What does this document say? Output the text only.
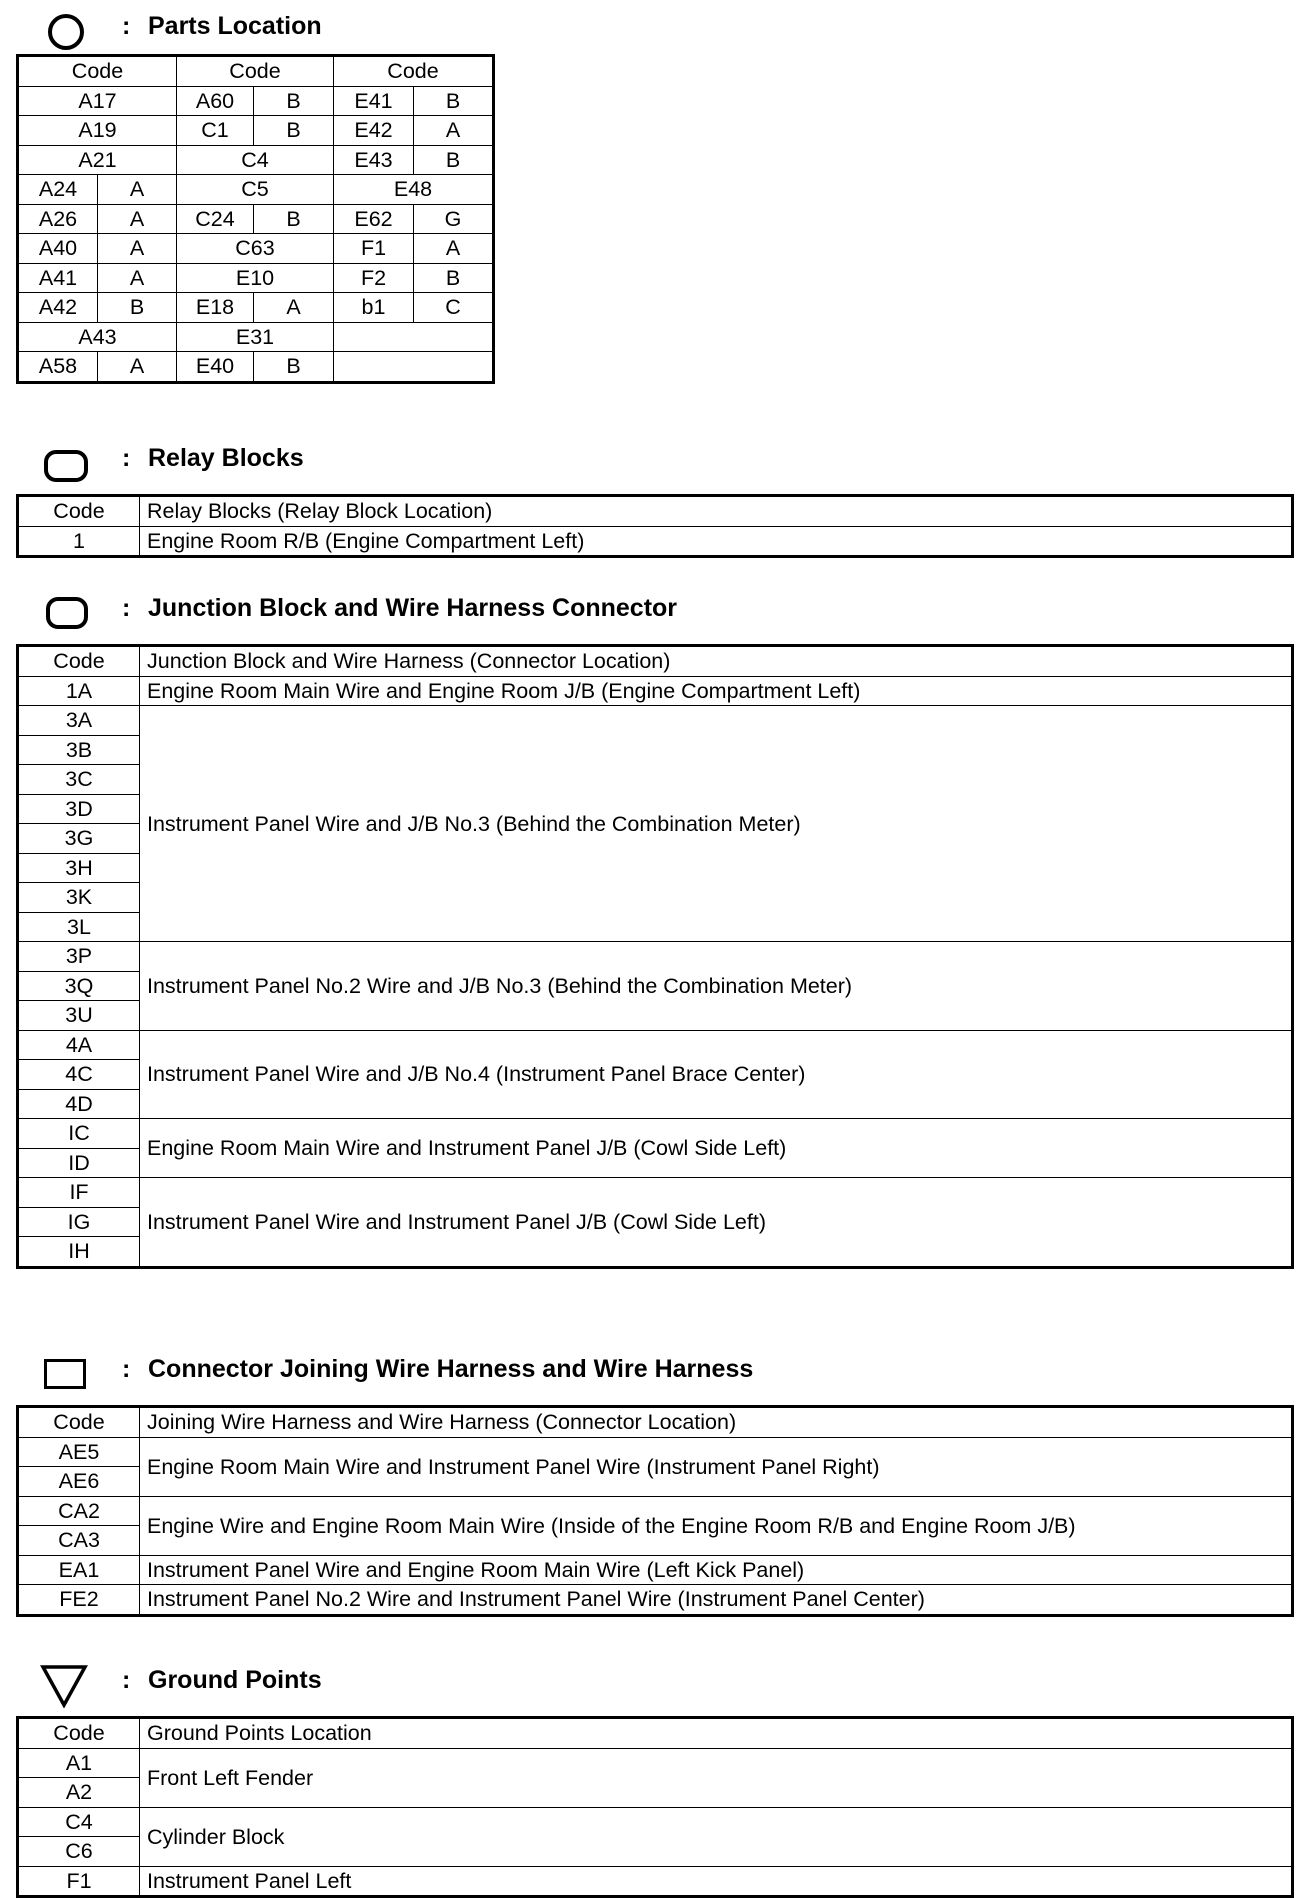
: Parts Location
Code		Code		Code	
A17		A60	B	E41	B
A19		C1	B	E42	A
A21		C4		E43	B
A24	A	C5		E48	
A26	A	C24	B	E62	G
A40	A	C63		F1	A
A41	A	E10		F2	B
A42	B	E18	A	b1	C
A43		E31			
A58	A	E40	B		
: Relay Blocks
Code	Relay Blocks (Relay Block Location)
1	Engine Room R/B (Engine Compartment Left)
: Junction Block and Wire Harness Connector
Code	Junction Block and Wire Harness (Connector Location)
1A	Engine Room Main Wire and Engine Room J/B (Engine Compartment Left)
3A	Instrument Panel Wire and J/B No.3 (Behind the Combination Meter)
3B	
3C	
3D	
3G	
3H	
3K	
3L	
3P	Instrument Panel No.2 Wire and J/B No.3 (Behind the Combination Meter)
3Q	
3U	
4A	Instrument Panel Wire and J/B No.4 (Instrument Panel Brace Center)
4C	
4D	
IC	Engine Room Main Wire and Instrument Panel J/B (Cowl Side Left)
ID	
IF	Instrument Panel Wire and Instrument Panel J/B (Cowl Side Left)
IG	
IH	
: Connector Joining Wire Harness and Wire Harness
Code	Joining Wire Harness and Wire Harness (Connector Location)
AE5	Engine Room Main Wire and Instrument Panel Wire (Instrument Panel Right)
AE6	
CA2	Engine Wire and Engine Room Main Wire (Inside of the Engine Room R/B and Engine Room J/B)
CA3	
EA1	Instrument Panel Wire and Engine Room Main Wire (Left Kick Panel)
FE2	Instrument Panel No.2 Wire and Instrument Panel Wire (Instrument Panel Center)
: Ground Points
Code	Ground Points Location
A1	Front Left Fender
A2	
C4	Cylinder Block
C6	
F1	Instrument Panel Left
